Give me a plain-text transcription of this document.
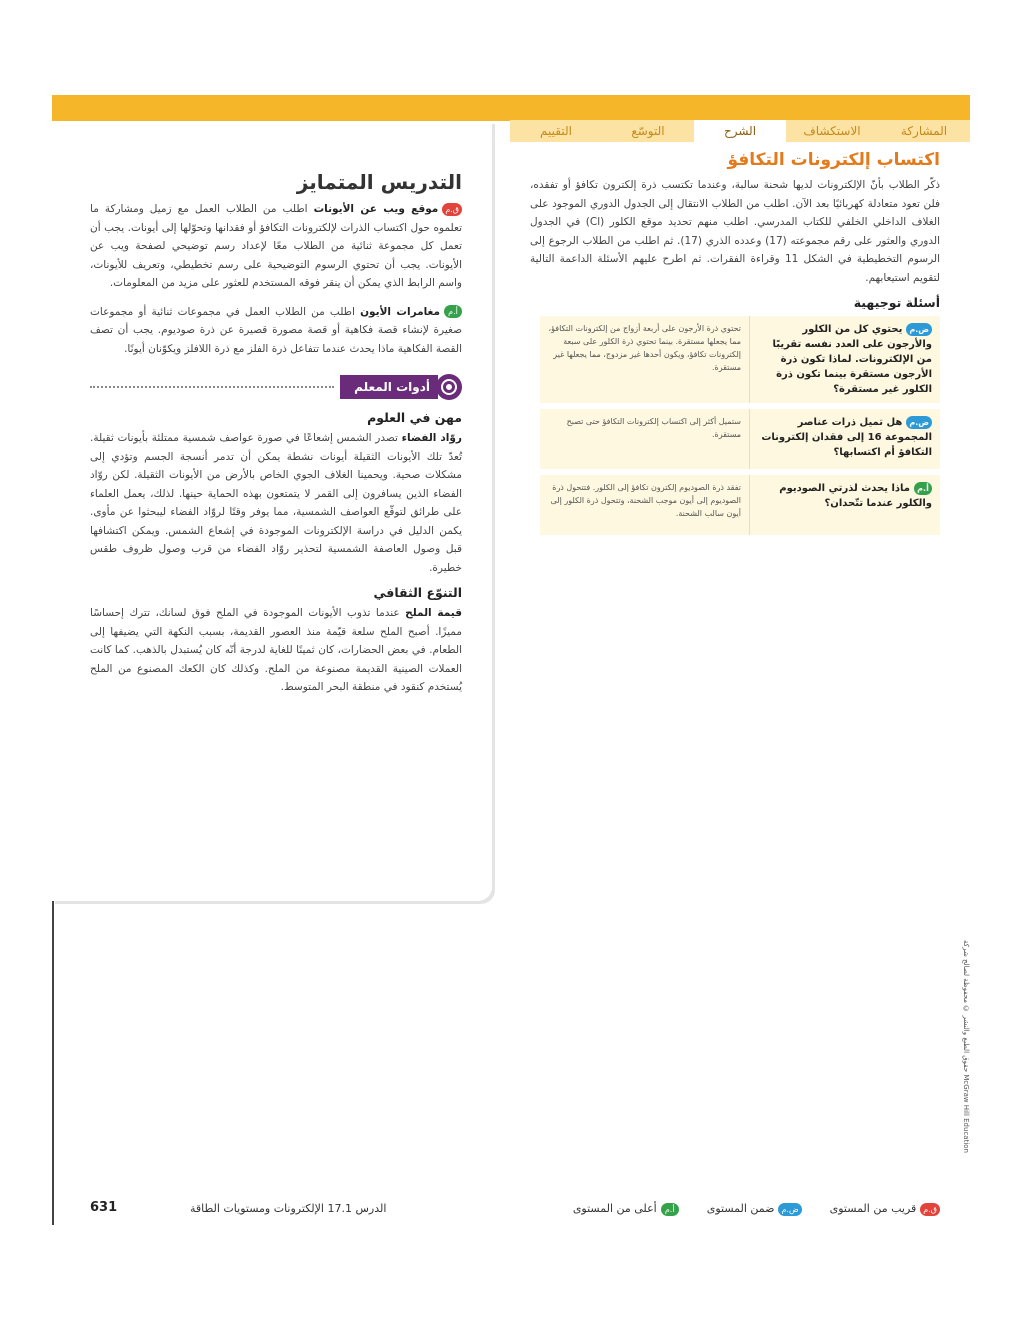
المشاركة
الاستكشاف
الشرح
التوسّع
التقييم
اكتساب إلكترونات التكافؤ

ذكّر الطلاب بأنّ الإلكترونات لديها شحنة سالبة، وعندما تكتسب ذرة إلكترون تكافؤ أو تفقده، فلن تعود متعادلة كهربائيًا بعد الآن. اطلب من الطلاب الانتقال إلى الجدول الدوري الموجود على الغلاف الداخلي الخلفي للكتاب المدرسي. اطلب منهم تحديد موقع الكلور (Cl) في الجدول الدوري والعثور على رقم مجموعته (17) وعدده الذري (17). ثم اطلب من الطلاب الرجوع إلى الرسوم التخطيطية في الشكل 11 وقراءة الفقرات. ثم اطرح عليهم الأسئلة الداعمة التالية لتقويم استيعابهم.

أسئلة توجيهية
ض.ميحتوي كل من الكلور والأرجون على العدد نفسه تقريبًا من الإلكترونات. لماذا تكون ذرة الأرجون مستقرة بينما تكون ذرة الكلور غير مستقرة؟
تحتوي ذرة الأرجون على أربعة أزواج من إلكترونات التكافؤ، مما يجعلها مستقرة. بينما تحتوي ذرة الكلور على سبعة إلكترونات تكافؤ، ويكون أحدها غير مزدوج، مما يجعلها غير مستقرة.
ض.مهل تميل ذرات عناصر المجموعة 16 إلى فقدان إلكترونات التكافؤ أم اكتسابها؟
ستميل أكثر إلى اكتساب إلكترونات التكافؤ حتى تصبح مستقرة.
أ.مماذا يحدث لذرتي الصوديوم والكلور عندما تتّحدان؟
تفقد ذرة الصوديوم إلكترون تكافؤ إلى الكلور. فتتحول ذرة الصوديوم إلى أيون موجب الشحنة، وتتحول ذرة الكلور إلى أيون سالب الشحنة.
التدريس المتمايز

ق.مموقع ويب عن الأيونات اطلب من الطلاب العمل مع زميل ومشاركة ما تعلموه حول اكتساب الذرات لإلكترونات التكافؤ أو فقدانها وتحوّلها إلى أيونات. يجب أن تعمل كل مجموعة ثنائية من الطلاب معًا لإعداد رسم توضيحي لصفحة ويب عن الأيونات. يجب أن تحتوي الرسوم التوضيحية على رسم تخطيطي، وتعريف للأيونات، واسم الرابط الذي يمكن أن ينقر فوقه المستخدم للعثور على مزيد من المعلومات.

أ.ممغامرات الأيون اطلب من الطلاب العمل في مجموعات ثنائية أو مجموعات صغيرة لإنشاء قصة فكاهية أو قصة مصورة قصيرة عن ذرة صوديوم. يجب أن تصف القصة الفكاهية ماذا يحدث عندما تتفاعل ذرة الفلز مع ذرة اللافلز ويكوّنان أيونًا.

أدوات المعلم
مهن في العلوم

روّاد الفضاء تصدر الشمس إشعاعًا في صورة عواصف شمسية ممتلئة بأيونات ثقيلة. تُعدّ تلك الأيونات الثقيلة أيونات نشطة يمكن أن تدمر أنسجة الجسم وتؤدي إلى مشكلات صحية. ويحمينا الغلاف الجوي الخاص بالأرض من الأيونات الثقيلة. لكن روّاد الفضاء الذين يسافرون إلى القمر لا يتمتعون بهذه الحماية حينها. لذلك، يعمل العلماء على طرائق لتوقّع العواصف الشمسية، مما يوفر وقتًا لروّاد الفضاء ليبحثوا عن مأوى. يكمن الدليل في دراسة الإلكترونات الموجودة في إشعاع الشمس. ويمكن اكتشافها قبل وصول العاصفة الشمسية لتحذير روّاد الفضاء من قرب وصول ظروف طقس خطيرة.

التنوّع الثقافي

قيمة الملح عندما تذوب الأيونات الموجودة في الملح فوق لسانك، تترك إحساسًا مميزًا. أصبح الملح سلعة قيّمة منذ العصور القديمة، بسبب النكهة التي يضيفها إلى الطعام. في بعض الحضارات، كان ثمينًا للغاية لدرجة أنّه كان يُستبدل بالذهب. كما كانت العملات الصينية القديمة مصنوعة من الملح. وكذلك كان الكعك المصنوع من الملح يُستخدم كنقود في منطقة البحر المتوسط.

حقوق الطبع والنشر © محفوظة لصالح شركة McGraw Hill Education
631	الدرس 17.1 الإلكترونات ومستويات الطاقة	ق.مقريب من المستوى
ض.مضمن المستوى
أ.مأعلى من المستوى
